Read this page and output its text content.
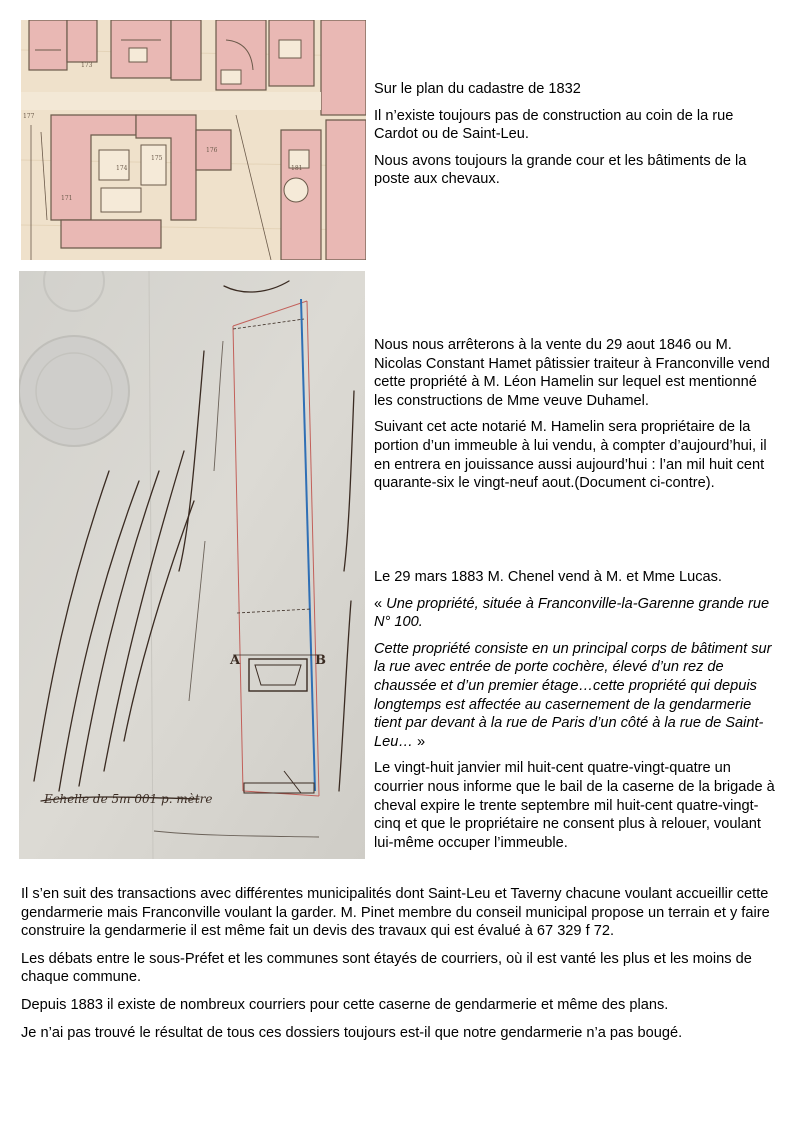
173
171
174
175
176
181
177
A	B
Echelle de 5m 001 p. mètre

Sur le plan du cadastre de 1832

Il n’existe toujours pas de construction au coin de la rue Cardot ou de Saint-Leu.

Nous avons toujours la grande cour et les bâtiments de la poste aux chevaux.

Nous nous arrêterons à la vente du 29 aout 1846 ou M. Nicolas Constant Hamet pâtissier traiteur à Franconville vend cette propriété à M. Léon Hamelin sur lequel est mentionné les constructions de Mme veuve Duhamel.

Suivant cet acte notarié M. Hamelin sera propriétaire de la portion d’un immeuble à lui vendu, à compter d’aujourd’hui, il en entrera en jouissance aussi aujourd’hui : l’an mil huit cent quarante-six le vingt-neuf aout.(Document ci-contre).

Le 29 mars 1883 M. Chenel vend à M. et Mme Lucas.

« Une propriété, située à Franconville-la-Garenne grande rue N° 100.

Cette propriété consiste en un principal corps de bâtiment sur la rue avec entrée de porte cochère, élevé d’un rez de chaussée et d’un premier étage…cette propriété qui depuis longtemps est affectée au casernement de la gendarmerie tient par devant à la rue de Paris d’un côté à la rue de Saint-Leu… »

Le vingt-huit janvier mil huit-cent quatre-vingt-quatre un courrier nous informe que le bail de la caserne de la brigade à cheval expire le trente septembre mil huit-cent quatre-vingt-cinq et que le propriétaire ne consent plus à relouer, voulant lui-même occuper l’immeuble.

Il s’en suit des transactions avec différentes municipalités dont Saint-Leu et Taverny chacune voulant accueillir cette gendarmerie mais Franconville voulant la garder. M. Pinet membre du conseil municipal propose un terrain et y faire construire la gendarmerie il est même fait un devis des travaux qui est évalué à 67 329 f 72.

Les débats entre le sous-Préfet et les communes sont étayés de courriers, où il est vanté les plus et les moins de chaque commune.

Depuis 1883 il existe de nombreux courriers pour cette caserne de gendarmerie et même des plans.

Je n’ai pas trouvé le résultat de tous ces dossiers toujours est-il que notre gendarmerie n’a pas bougé.
